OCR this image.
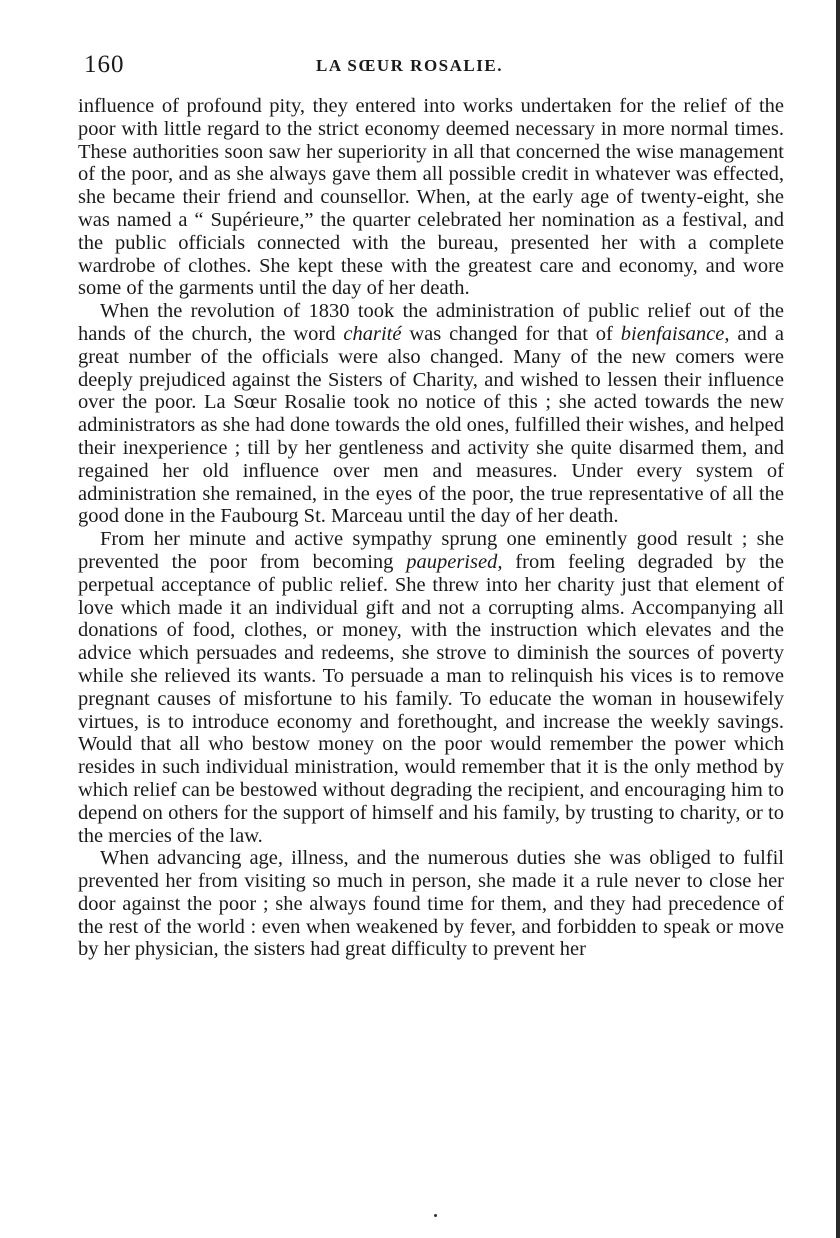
160	LA SŒUR ROSALIE.

influence of profound pity, they entered into works undertaken for the relief of the poor with little regard to the strict economy deemed necessary in more normal times. These authorities soon saw her superiority in all that concerned the wise management of the poor, and as she always gave them all possible credit in whatever was effected, she became their friend and counsellor. When, at the early age of twenty-eight, she was named a “ Supérieure,” the quarter celebrated her nomination as a festival, and the public officials connected with the bureau, presented her with a complete wardrobe of clothes. She kept these with the greatest care and economy, and wore some of the garments until the day of her death.

When the revolution of 1830 took the administration of public relief out of the hands of the church, the word charité was changed for that of bienfaisance, and a great number of the officials were also changed. Many of the new comers were deeply prejudiced against the Sisters of Charity, and wished to lessen their influence over the poor. La Sœur Rosalie took no notice of this ; she acted towards the new administrators as she had done towards the old ones, fulfilled their wishes, and helped their inexperience ; till by her gentleness and activity she quite disarmed them, and regained her old influence over men and measures. Under every system of administration she remained, in the eyes of the poor, the true representative of all the good done in the Faubourg St. Marceau until the day of her death.

From her minute and active sympathy sprung one eminently good result ; she prevented the poor from becoming pauperised, from feeling degraded by the perpetual acceptance of public relief. She threw into her charity just that element of love which made it an individual gift and not a corrupting alms. Accompanying all donations of food, clothes, or money, with the instruction which elevates and the advice which persuades and redeems, she strove to diminish the sources of poverty while she relieved its wants. To persuade a man to relinquish his vices is to remove pregnant causes of misfortune to his family. To educate the woman in housewifely virtues, is to introduce economy and forethought, and increase the weekly savings. Would that all who bestow money on the poor would remember the power which resides in such individual ministration, would remember that it is the only method by which relief can be bestowed without degrading the recipient, and encouraging him to depend on others for the support of himself and his family, by trusting to charity, or to the mercies of the law.

When advancing age, illness, and the numerous duties she was obliged to fulfil prevented her from visiting so much in person, she made it a rule never to close her door against the poor ; she always found time for them, and they had precedence of the rest of the world : even when weakened by fever, and forbidden to speak or move by her physician, the sisters had great difficulty to prevent her
